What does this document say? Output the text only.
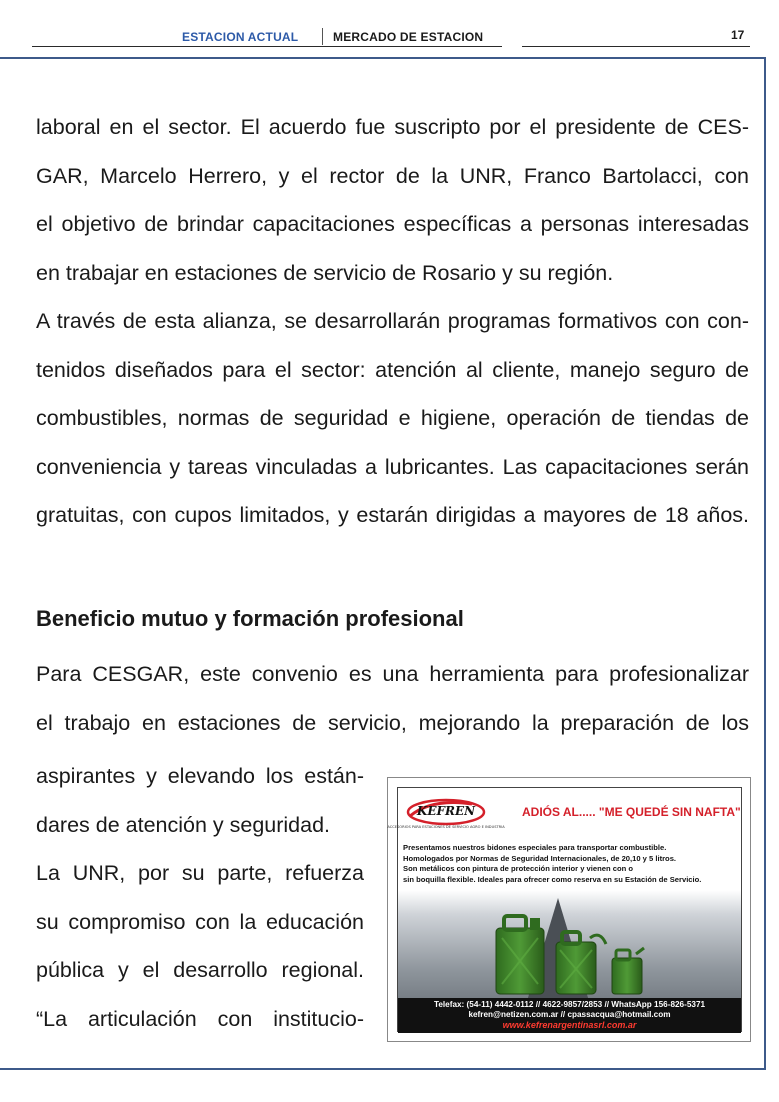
ESTACION ACTUAL	MERCADO DE ESTACION	17
laboral en el sector. El acuerdo fue suscripto por el presidente de CES-
GAR, Marcelo Herrero, y el rector de la UNR, Franco Bartolacci, con
el objetivo de brindar capacitaciones específicas a personas interesadas
en trabajar en estaciones de servicio de Rosario y su región.
A través de esta alianza, se desarrollarán programas formativos con con-
tenidos diseñados para el sector: atención al cliente, manejo seguro de
combustibles, normas de seguridad e higiene, operación de tiendas de
conveniencia y tareas vinculadas a lubricantes. Las capacitaciones serán
gratuitas, con cupos limitados, y estarán dirigidas a mayores de 18 años.
Beneficio mutuo y formación profesional
Para CESGAR, este convenio es una herramienta para profesionalizar
el trabajo en estaciones de servicio, mejorando la preparación de los
aspirantes y elevando los están-
dares de atención y seguridad.
La UNR, por su parte, refuerza
su compromiso con la educación
pública y el desarrollo regional.
“La articulación con institucio-
KEFREN
ACCESORIOS PARA ESTACIONES DE SERVICIO AGRO E INDUSTRIA
ADIÓS AL..... "ME QUEDÉ SIN NAFTA"
Presentamos nuestros bidones especiales para transportar combustible.
Homologados por Normas de Seguridad Internacionales, de 20,10 y 5 litros.
Son metálicos con pintura de protección interior y vienen con o
sin boquilla flexible. Ideales para ofrecer como reserva en su Estación de Servicio.
Telefax: (54-11) 4442-0112 // 4622-9857/2853 // WhatsApp 156-826-5371
kefren@netizen.com.ar // cpassacqua@hotmail.com
www.kefrenargentinasrl.com.ar
